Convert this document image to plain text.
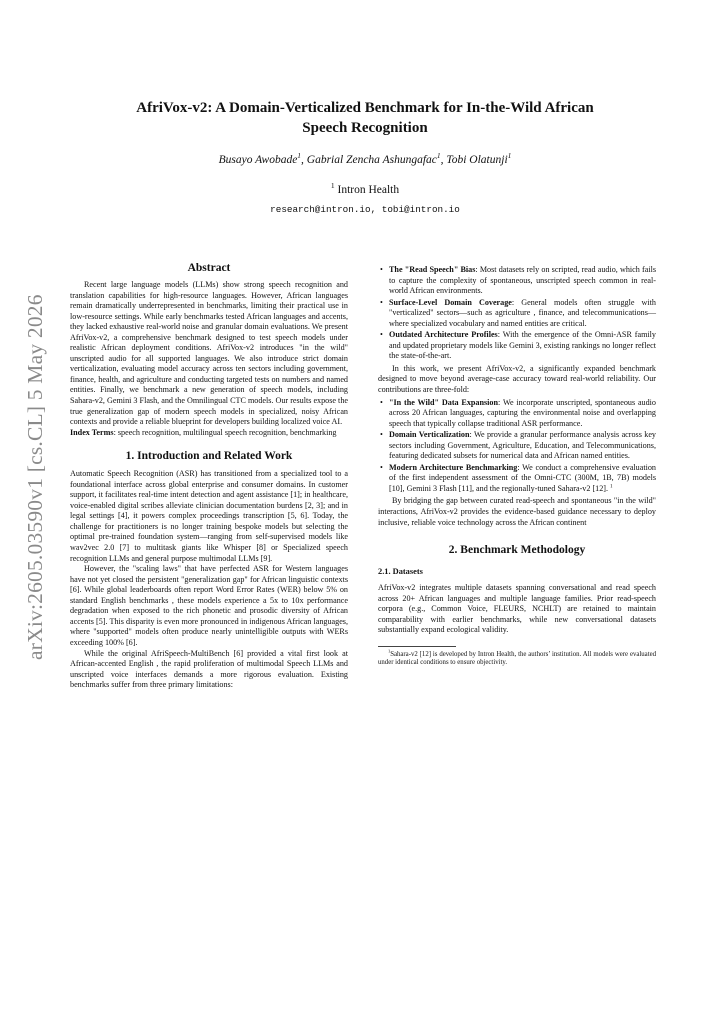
arXiv:2605.03590v1 [cs.CL] 5 May 2026
AfriVox-v2: A Domain-Verticalized Benchmark for In-the-Wild African
Speech Recognition
Busayo Awobade$^1$, Gabrial Zencha Ashungafac$^1$, Tobi Olatunji$^1$
$^1$ Intron Health
research@intron.io, tobi@intron.io
Abstract

Recent large language models (LLMs) show strong speech recognition and translation capabilities for high-resource languages. However, African languages remain dramatically underrepresented in benchmarks, limiting their practical use in low-resource settings. While early benchmarks tested African languages and accents, they lacked exhaustive real-world noise and granular domain evaluations. We present AfriVox-v2, a comprehensive benchmark designed to test speech models under realistic African deployment conditions. AfriVox-v2 introduces "in the wild" unscripted audio for all supported languages. We also introduce strict domain verticalization, evaluating model accuracy across ten sectors including government, finance, health, and agriculture and conducting targeted tests on numbers and named entities. Finally, we benchmark a new generation of speech models, including Sahara-v2, Gemini 3 Flash, and the Omnilingual CTC models. Our results expose the true generalization gap of modern speech models in specialized, noisy African contexts and provide a reliable blueprint for developers building localized voice AI.

Index Terms: speech recognition, multilingual speech recognition, benchmarking

1. Introduction and Related Work

Automatic Speech Recognition (ASR) has transitioned from a specialized tool to a foundational interface across global enterprise and consumer domains. In customer support, it facilitates real-time intent detection and agent assistance [1]; in healthcare, voice-enabled digital scribes alleviate clinician documentation burdens [2, 3]; and in legal settings [4], it powers complex proceedings transcription [5, 6]. Today, the challenge for practitioners is no longer training bespoke models but selecting the optimal pre-trained foundation system—ranging from self-supervised models like wav2vec 2.0 [7] to multitask giants like Whisper [8] or Specialized speech recognition LLMs and general purpose multimodal LLMs [9].

However, the "scaling laws" that have perfected ASR for Western languages have not yet closed the persistent "generalization gap" for African linguistic contexts [6]. While global leaderboards often report Word Error Rates (WER) below 5% on standard English benchmarks , these models experience a 5x to 10x performance degradation when exposed to the rich phonetic and prosodic diversity of African accents [5]. This disparity is even more pronounced in indigenous African languages, where "supported" models often produce nearly unintelligible outputs with WERs exceeding 100% [6].

While the original AfriSpeech-MultiBench [6] provided a vital first look at African-accented English , the rapid proliferation of multimodal Speech LLMs and unscripted voice interfaces demands a more rigorous evaluation. Existing benchmarks suffer from three primary limitations:

• The "Read Speech" Bias: Most datasets rely on scripted, read audio, which fails to capture the complexity of spontaneous, unscripted speech common in real-world African environments.
• Surface-Level Domain Coverage: General models often struggle with "verticalized" sectors—such as agriculture , finance, and telecommunications—where specialized vocabulary and named entities are critical.
• Outdated Architecture Profiles: With the emergence of the Omni-ASR family and updated proprietary models like Gemini 3, existing rankings no longer reflect the state-of-the-art.

In this work, we present AfriVox-v2, a significantly expanded benchmark designed to move beyond average-case accuracy toward real-world reliability. Our contributions are three-fold:

• "In the Wild" Data Expansion: We incorporate unscripted, spontaneous audio across 20 African languages, capturing the environmental noise and overlapping speech that typically collapse traditional ASR performance.
• Domain Verticalization: We provide a granular performance analysis across key sectors including Government, Agriculture, Education, and Telecommunications, featuring dedicated subsets for numerical data and African named entities.
• Modern Architecture Benchmarking: We conduct a comprehensive evaluation of the first independent assessment of the Omni-CTC (300M, 1B, 7B) models [10], Gemini 3 Flash [11], and the regionally-tuned Sahara-v2 [12]. $^1$

By bridging the gap between curated read-speech and spontaneous "in the wild" interactions, AfriVox-v2 provides the evidence-based guidance necessary to deploy inclusive, reliable voice technology across the African continent

2. Benchmark Methodology
2.1. Datasets

AfriVox-v2 integrates multiple datasets spanning conversational and read speech across 20+ African languages and multiple language families. Prior read-speech corpora (e.g., Common Voice, FLEURS, NCHLT) are retained to maintain comparability with earlier benchmarks, while new conversational datasets substantially expand ecological validity.

$^1$Sahara-v2 [12] is developed by Intron Health, the authors’ institution. All models were evaluated under identical conditions to ensure objectivity.
